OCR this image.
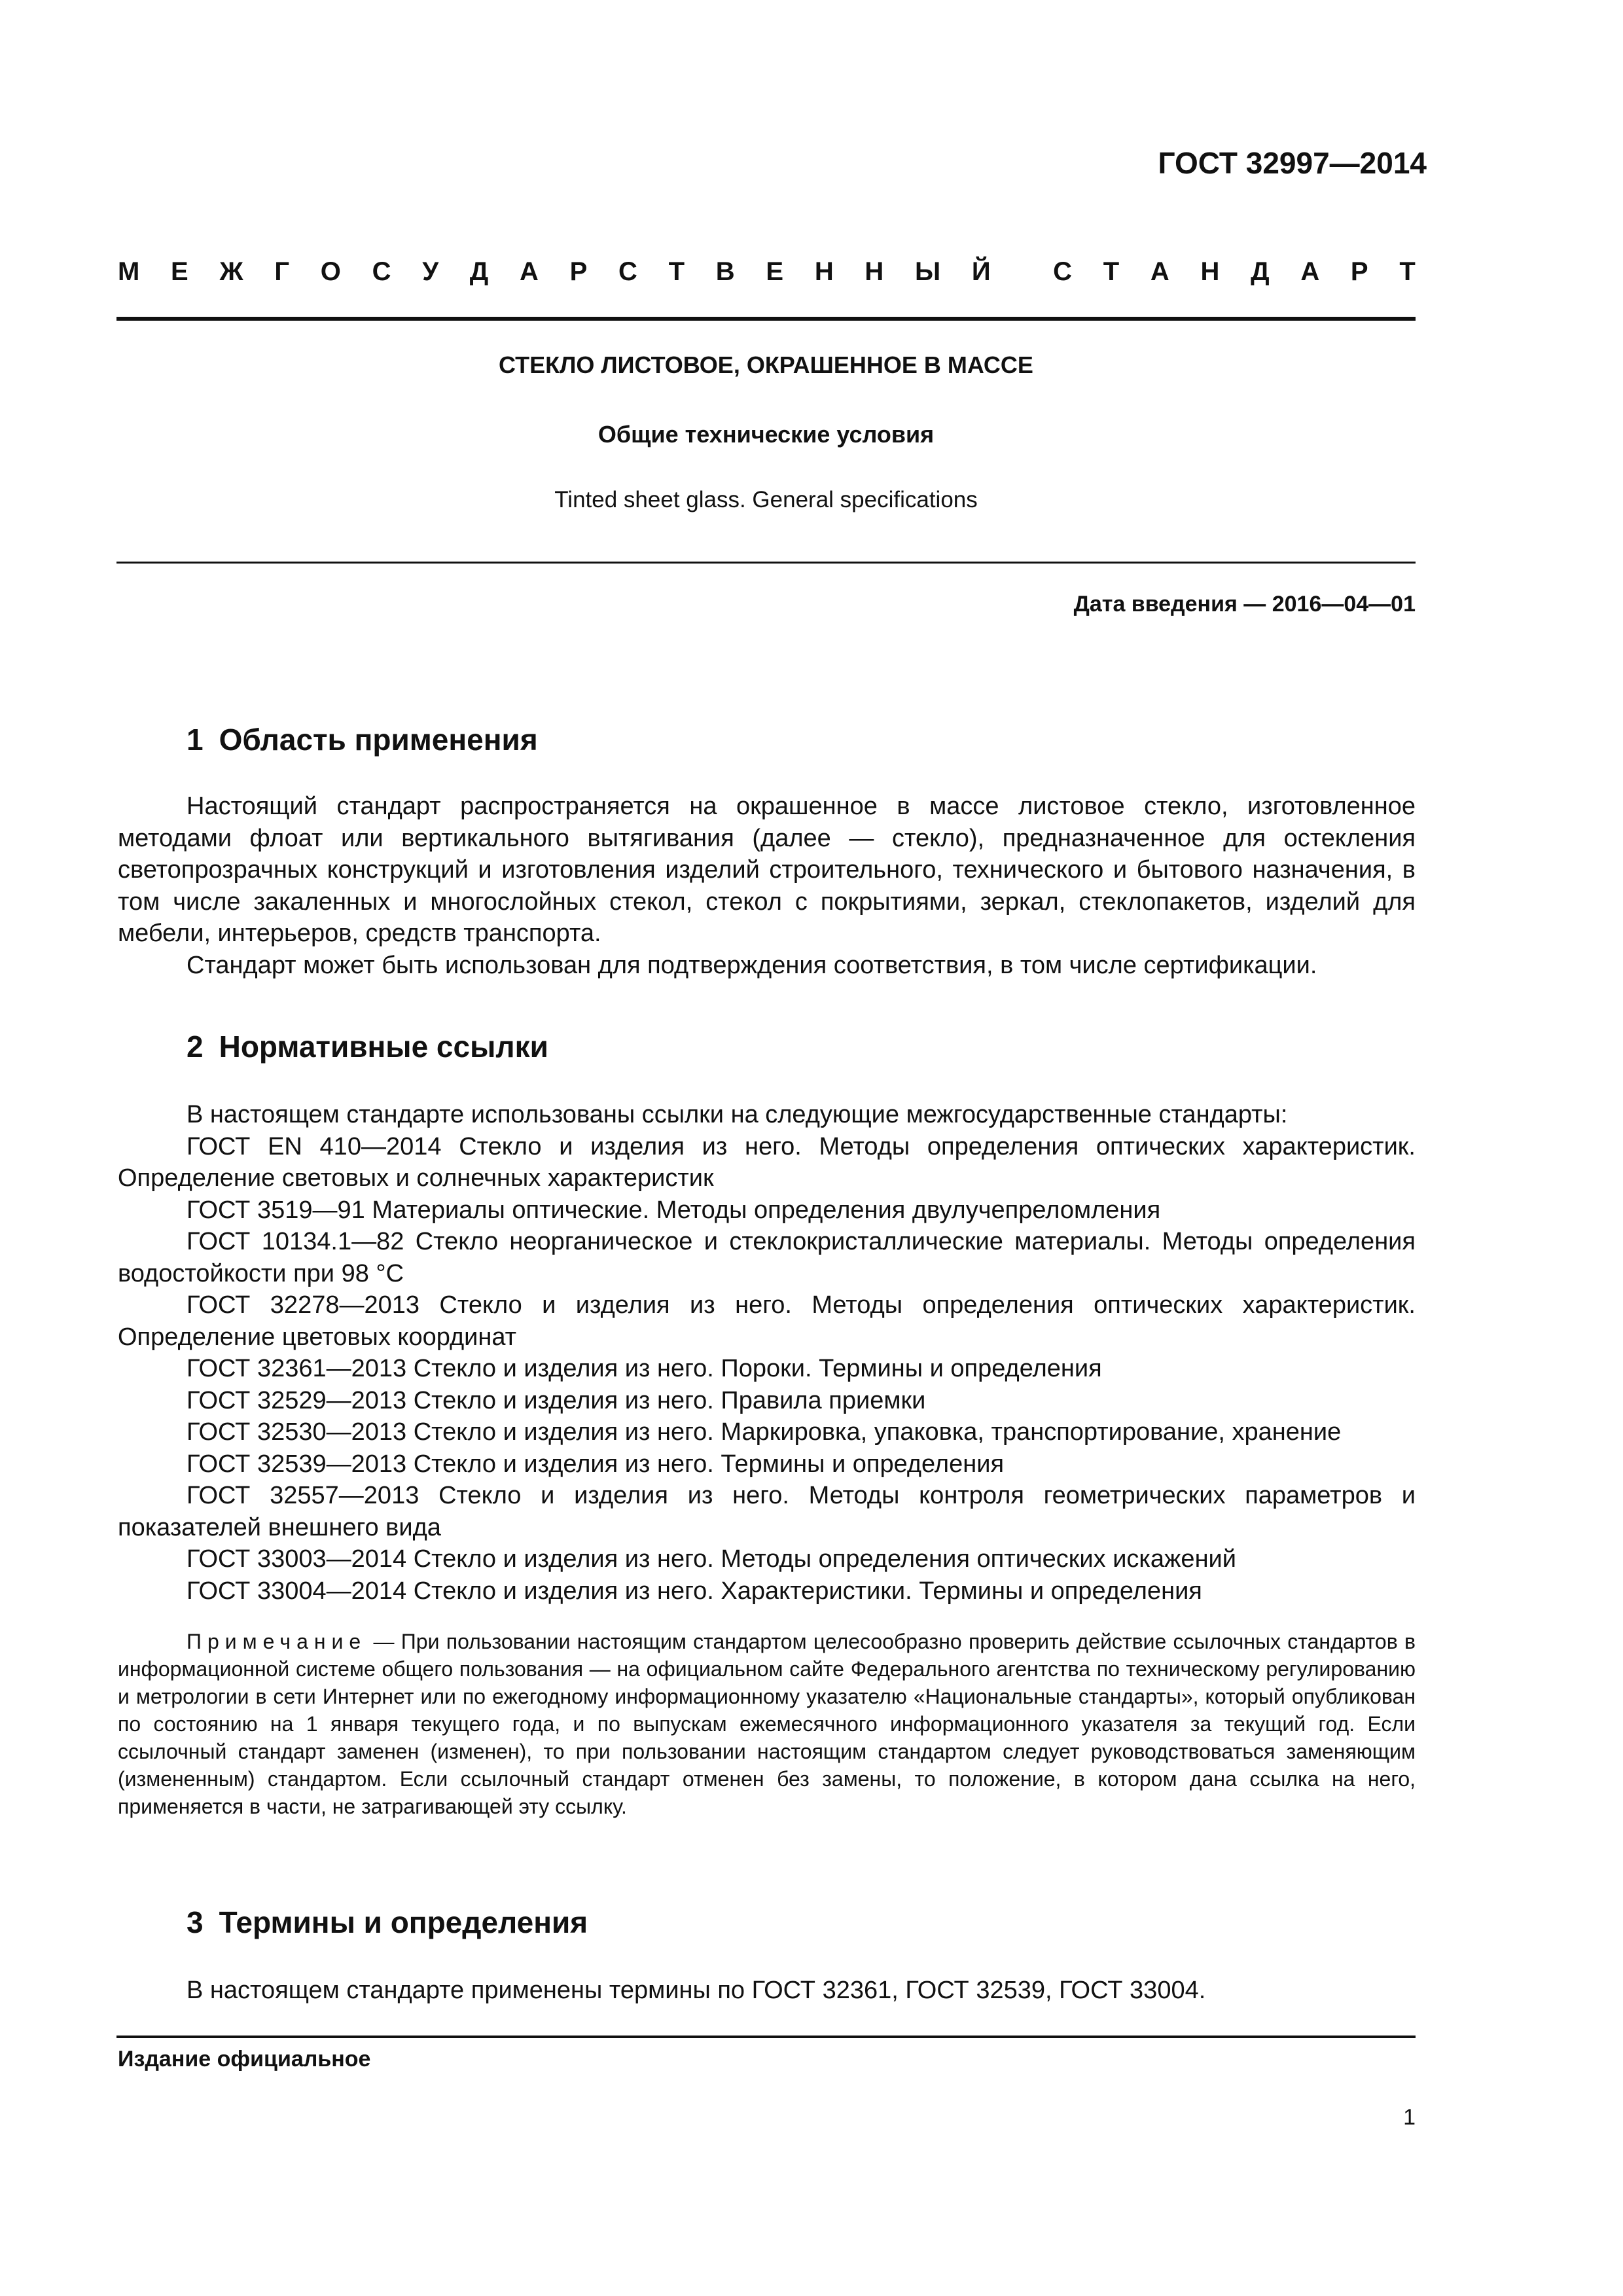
ГОСТ 32997—2014
М Е Ж Г О С У Д А Р С Т В Е Н Н Ы Й С Т А Н Д А Р Т
СТЕКЛО ЛИСТОВОЕ, ОКРАШЕННОЕ В МАССЕ
Общие технические условия
Tinted sheet glass. General specifications
Дата введения — 2016—04—01
1 Область применения

Настоящий стандарт распространяется на окрашенное в массе листовое стекло, изготовленное методами флоат или вертикального вытягивания (далее — стекло), предназначенное для остекления светопрозрачных конструкций и изготовления изделий строительного, технического и бытового назначения, в том числе закаленных и многослойных стекол, стекол с покрытиями, зеркал, стеклопакетов, изделий для мебели, интерьеров, средств транспорта.

Стандарт может быть использован для подтверждения соответствия, в том числе сертификации.

2 Нормативные ссылки

В настоящем стандарте использованы ссылки на следующие межгосударственные стандарты:

ГОСТ EN 410—2014 Стекло и изделия из него. Методы определения оптических характеристик. Определение световых и солнечных характеристик

ГОСТ 3519—91 Материалы оптические. Методы определения двулучепреломления

ГОСТ 10134.1—82 Стекло неорганическое и стеклокристаллические материалы. Методы определения водостойкости при 98 °С

ГОСТ 32278—2013 Стекло и изделия из него. Методы определения оптических характеристик. Определение цветовых координат

ГОСТ 32361—2013 Стекло и изделия из него. Пороки. Термины и определения

ГОСТ 32529—2013 Стекло и изделия из него. Правила приемки

ГОСТ 32530—2013 Стекло и изделия из него. Маркировка, упаковка, транспортирование, хранение

ГОСТ 32539—2013 Стекло и изделия из него. Термины и определения

ГОСТ 32557—2013 Стекло и изделия из него. Методы контроля геометрических параметров и показателей внешнего вида

ГОСТ 33003—2014 Стекло и изделия из него. Методы определения оптических искажений

ГОСТ 33004—2014 Стекло и изделия из него. Характеристики. Термины и определения

Примечание — При пользовании настоящим стандартом целесообразно проверить действие ссылочных стандартов в информационной системе общего пользования — на официальном сайте Федерального агентства по техническому регулированию и метрологии в сети Интернет или по ежегодному информационному указателю «Национальные стандарты», который опубликован по состоянию на 1 января текущего года, и по выпускам ежемесячного информационного указателя за текущий год. Если ссылочный стандарт заменен (изменен), то при пользовании настоящим стандартом следует руководствоваться заменяющим (измененным) стандартом. Если ссылочный стандарт отменен без замены, то положение, в котором дана ссылка на него, применяется в части, не затрагивающей эту ссылку.
3 Термины и определения

В настоящем стандарте применены термины по ГОСТ 32361, ГОСТ 32539, ГОСТ 33004.

Издание официальное
1
